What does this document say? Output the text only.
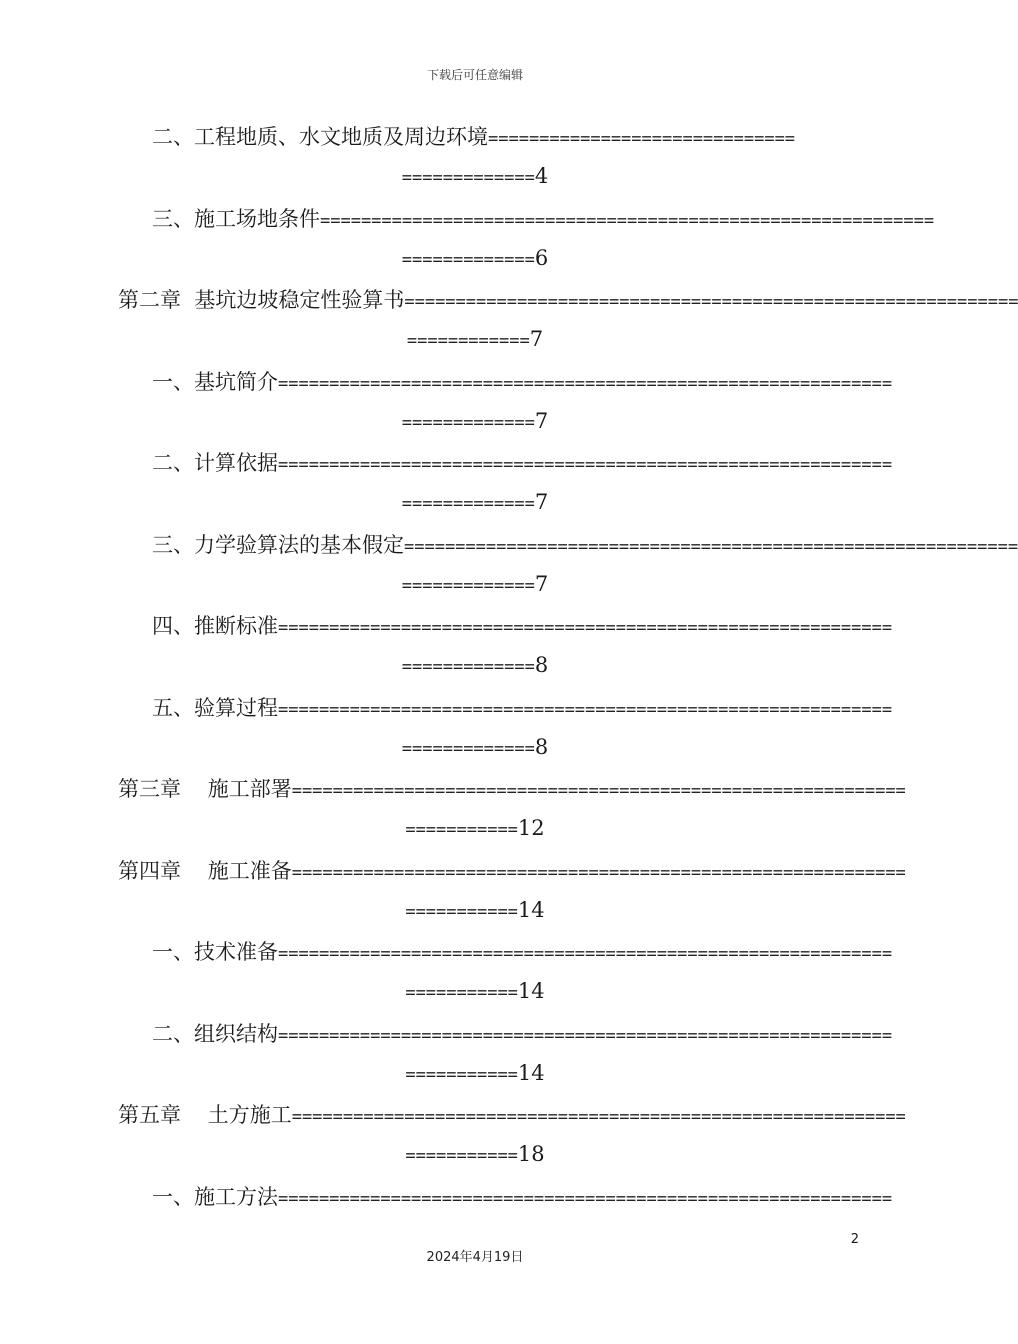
下载后可任意编辑
二、工程地质、水文地质及周边环境==============================
=============4
三、施工场地条件============================================================
=============6
第二章  基坑边坡稳定性验算书============================================================
============7
一、基坑简介============================================================
=============7
二、计算依据============================================================
=============7
三、力学验算法的基本假定============================================================
=============7
四、推断标准============================================================
=============8
五、验算过程============================================================
=============8
第三章    施工部署============================================================
===========12
第四章    施工准备============================================================
===========14
一、技术准备============================================================
===========14
二、组织结构============================================================
===========14
第五章    土方施工============================================================
===========18
一、施工方法============================================================
2
2024年4月19日
